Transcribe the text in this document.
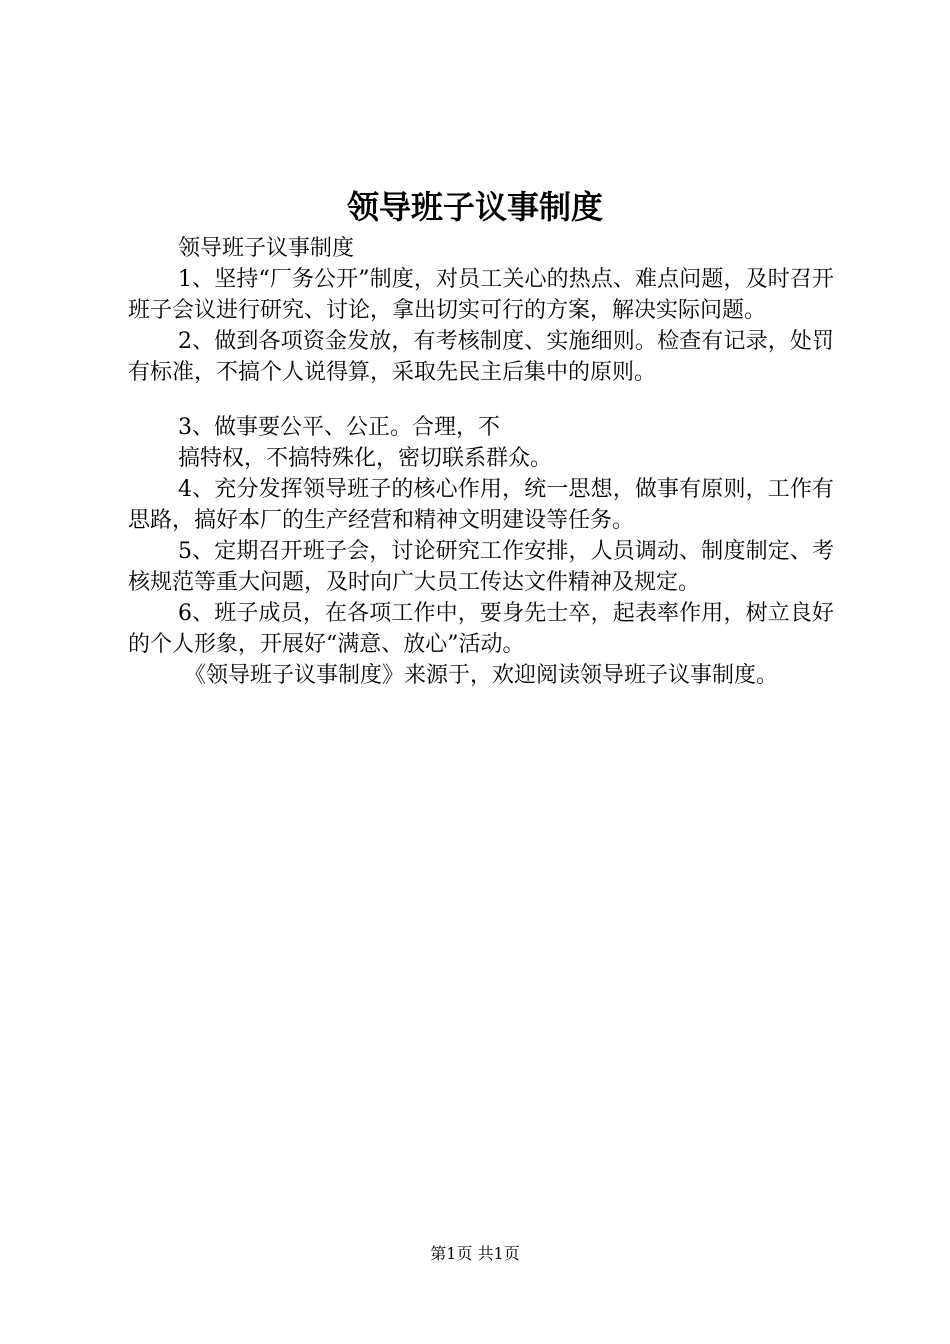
领导班子议事制度

领导班子议事制度

1、坚持“厂务公开”制度，对员工关心的热点、难点问题，及时召开班子会议进行研究、讨论，拿出切实可行的方案，解决实际问题。

2、做到各项资金发放，有考核制度、实施细则。检查有记录，处罚有标准，不搞个人说得算，采取先民主后集中的原则。

3、做事要公平、公正。合理，不

搞特权，不搞特殊化，密切联系群众。

4、充分发挥领导班子的核心作用，统一思想，做事有原则，工作有思路，搞好本厂的生产经营和精神文明建设等任务。

5、定期召开班子会，讨论研究工作安排，人员调动、制度制定、考核规范等重大问题，及时向广大员工传达文件精神及规定。

6、班子成员，在各项工作中，要身先士卒，起表率作用，树立良好的个人形象，开展好“满意、放心”活动。

《领导班子议事制度》来源于，欢迎阅读领导班子议事制度。

第1页 共1页
